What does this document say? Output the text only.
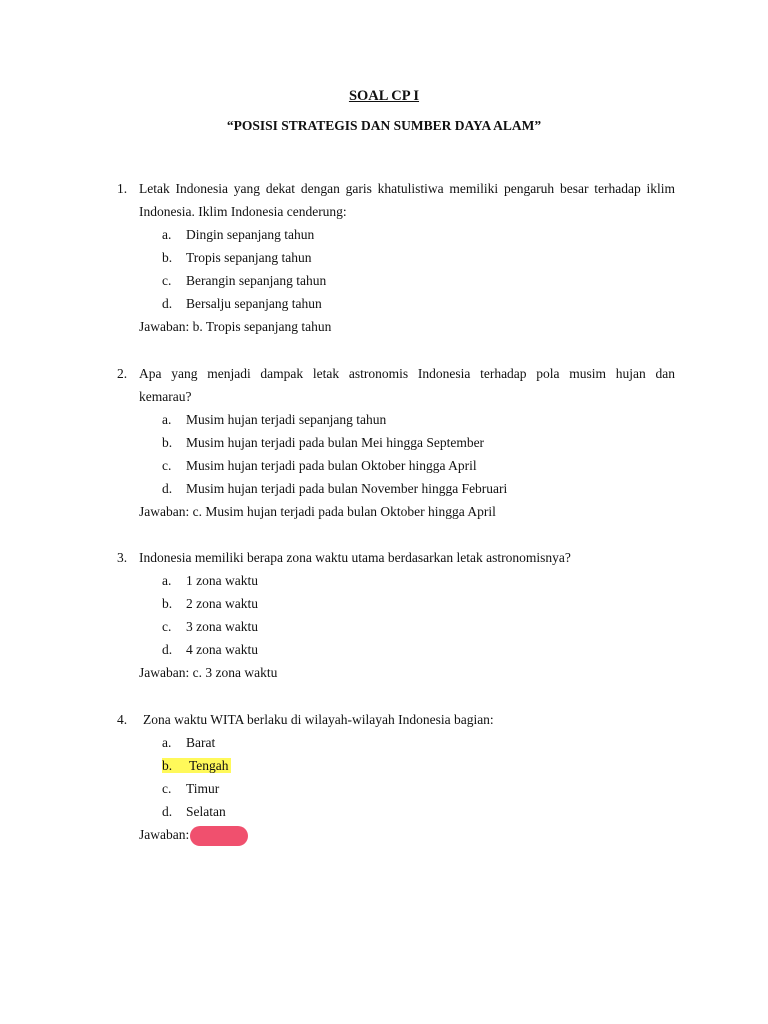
SOAL CP I
“POSISI STRATEGIS DAN SUMBER DAYA ALAM”
1. Letak Indonesia yang dekat dengan garis khatulistiwa memiliki pengaruh besar terhadap iklim
Indonesia. Iklim Indonesia cenderung:
a. Dingin sepanjang tahun
b. Tropis sepanjang tahun
c. Berangin sepanjang tahun
d. Bersalju sepanjang tahun
Jawaban: b. Tropis sepanjang tahun
2. Apa yang menjadi dampak letak astronomis Indonesia terhadap pola musim hujan dan
kemarau?
a. Musim hujan terjadi sepanjang tahun
b. Musim hujan terjadi pada bulan Mei hingga September
c. Musim hujan terjadi pada bulan Oktober hingga April
d. Musim hujan terjadi pada bulan November hingga Februari
Jawaban: c. Musim hujan terjadi pada bulan Oktober hingga April
3. Indonesia memiliki berapa zona waktu utama berdasarkan letak astronomisnya?
a. 1 zona waktu
b. 2 zona waktu
c. 3 zona waktu
d. 4 zona waktu
Jawaban: c. 3 zona waktu
4. Zona waktu WITA berlaku di wilayah-wilayah Indonesia bagian:
a. Barat
b. Tengah
c. Timur
d. Selatan
Jawaban:
